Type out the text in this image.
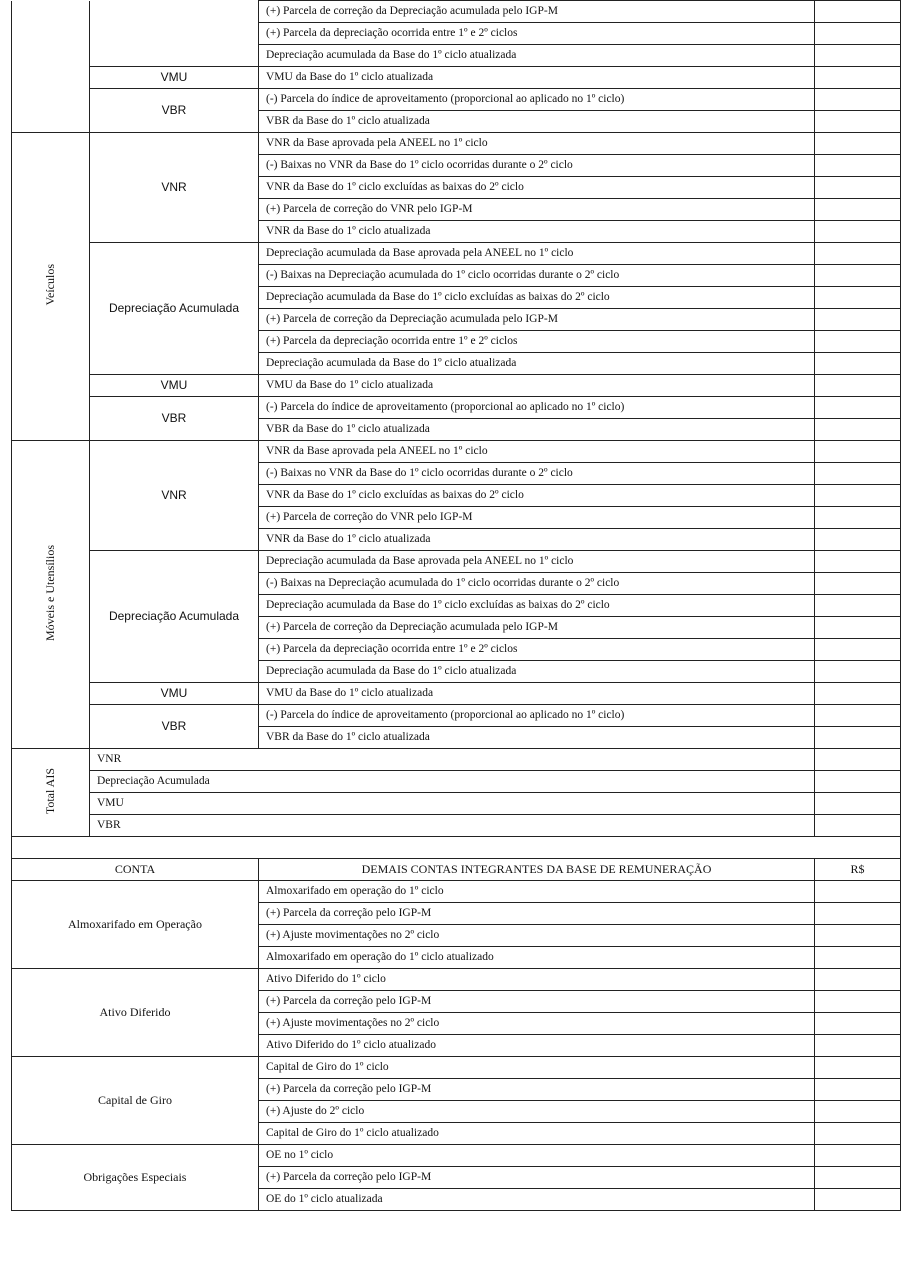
		(+) Parcela de correção da Depreciação acumulada pelo IGP-M	
		(+) Parcela da depreciação ocorrida entre 1º e 2º ciclos	
		Depreciação acumulada da Base do 1º ciclo atualizada	
	VMU	VMU da Base do 1º ciclo atualizada	
	VBR	(-) Parcela do índice de aproveitamento (proporcional ao aplicado no 1º ciclo)	
		VBR da Base do 1º ciclo atualizada	
Veículos	VNR	VNR da Base aprovada pela ANEEL no 1º ciclo	
		(-) Baixas no VNR da Base do 1º ciclo ocorridas durante o 2º ciclo	
		VNR da Base do 1º ciclo excluídas as baixas do 2º ciclo	
		(+) Parcela de correção do VNR pelo IGP-M	
		VNR da Base do 1º ciclo atualizada	
	Depreciação Acumulada	Depreciação acumulada da Base aprovada pela ANEEL no 1º ciclo	
		(-) Baixas na Depreciação acumulada do 1º ciclo ocorridas durante o 2º ciclo	
		Depreciação acumulada da Base do 1º ciclo excluídas as baixas do 2º ciclo	
		(+) Parcela de correção da Depreciação acumulada pelo IGP-M	
		(+) Parcela da depreciação ocorrida entre 1º e 2º ciclos	
		Depreciação acumulada da Base do 1º ciclo atualizada	
	VMU	VMU da Base do 1º ciclo atualizada	
	VBR	(-) Parcela do índice de aproveitamento (proporcional ao aplicado no 1º ciclo)	
		VBR da Base do 1º ciclo atualizada	
Móveis e Utensílios	VNR	VNR da Base aprovada pela ANEEL no 1º ciclo	
		(-) Baixas no VNR da Base do 1º ciclo ocorridas durante o 2º ciclo	
		VNR da Base do 1º ciclo excluídas as baixas do 2º ciclo	
		(+) Parcela de correção do VNR pelo IGP-M	
		VNR da Base do 1º ciclo atualizada	
	Depreciação Acumulada	Depreciação acumulada da Base aprovada pela ANEEL no 1º ciclo	
		(-) Baixas na Depreciação acumulada do 1º ciclo ocorridas durante o 2º ciclo	
		Depreciação acumulada da Base do 1º ciclo excluídas as baixas do 2º ciclo	
		(+) Parcela de correção da Depreciação acumulada pelo IGP-M	
		(+) Parcela da depreciação ocorrida entre 1º e 2º ciclos	
		Depreciação acumulada da Base do 1º ciclo atualizada	
	VMU	VMU da Base do 1º ciclo atualizada	
	VBR	(-) Parcela do índice de aproveitamento (proporcional ao aplicado no 1º ciclo)	
		VBR da Base do 1º ciclo atualizada	
Total AIS	VNR		
	Depreciação Acumulada		
	VMU		
	VBR		

CONTA		DEMAIS CONTAS INTEGRANTES DA BASE DE REMUNERAÇÃO	R$
Almoxarifado em Operação		Almoxarifado em operação do 1º ciclo	
		(+) Parcela da correção pelo IGP-M	
		(+) Ajuste movimentações no 2º ciclo	
		Almoxarifado em operação do 1º ciclo atualizado	
Ativo Diferido		Ativo Diferido do 1º ciclo	
		(+) Parcela da correção pelo IGP-M	
		(+) Ajuste movimentações no 2º ciclo	
		Ativo Diferido do 1º ciclo atualizado	
Capital de Giro		Capital de Giro do 1º ciclo	
		(+) Parcela da correção pelo IGP-M	
		(+) Ajuste do 2º ciclo	
		Capital de Giro do 1º ciclo atualizado	
Obrigações Especiais		OE no 1º ciclo	
		(+) Parcela da correção pelo IGP-M	
		OE do 1º ciclo atualizada	
